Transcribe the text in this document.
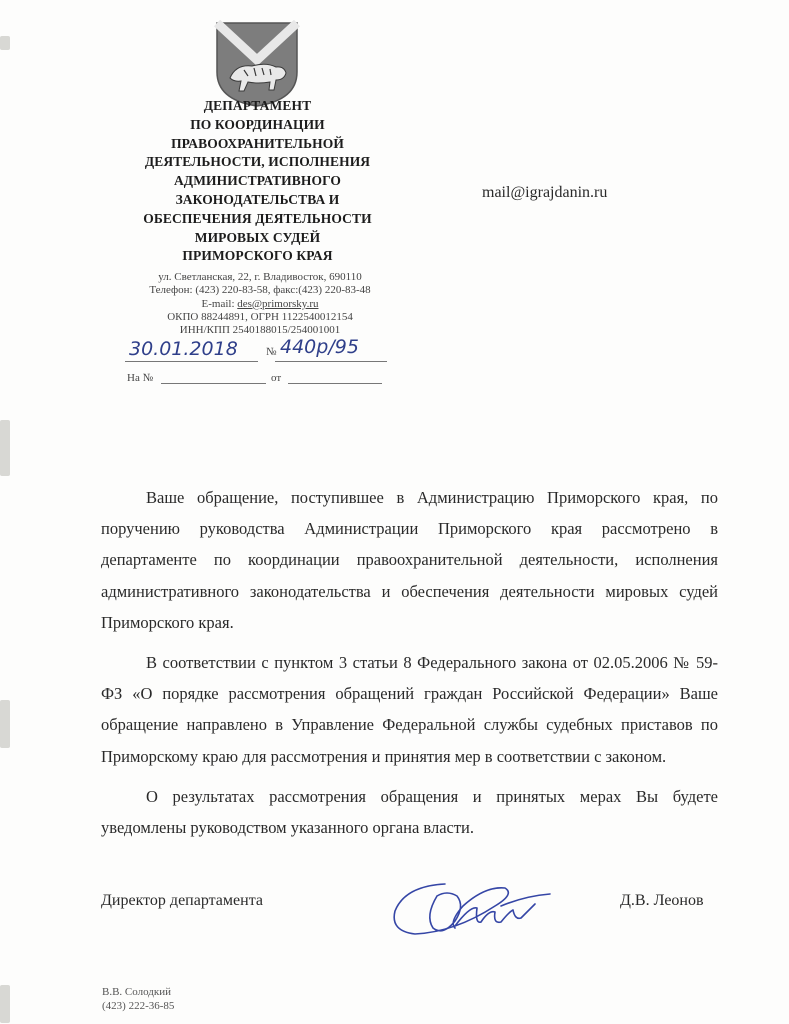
ДЕПАРТАМЕНТ
ПО КООРДИНАЦИИ
ПРАВООХРАНИТЕЛЬНОЙ
ДЕЯТЕЛЬНОСТИ, ИСПОЛНЕНИЯ
АДМИНИСТРАТИВНОГО
ЗАКОНОДАТЕЛЬСТВА И
ОБЕСПЕЧЕНИЯ ДЕЯТЕЛЬНОСТИ
МИРОВЫХ СУДЕЙ
ПРИМОРСКОГО КРАЯ
mail@igrajdanin.ru
ул. Светланская, 22, г. Владивосток, 690110
Телефон: (423) 220-83-58, факс:(423) 220-83-48
E-mail: des@primorsky.ru
ОКПО 88244891, ОГРН 1122540012154
ИНН/КПП 2540188015/254001001
30.01.2018	№ 440р/95
На №	от

Ваше обращение, поступившее в Администрацию Приморского края, по поручению руководства Администрации Приморского края рассмотрено в департаменте по координации правоохранительной деятельности, исполнения административного законодательства и обеспечения деятельности мировых судей Приморского края.

В соответствии с пунктом 3 статьи 8 Федерального закона от 02.05.2006 № 59-ФЗ «О порядке рассмотрения обращений граждан Российской Федерации» Ваше обращение направлено в Управление Федеральной службы судебных приставов по Приморскому краю для рассмотрения и принятия мер в соответствии с законом.

О результатах рассмотрения обращения и принятых мерах Вы будете уведомлены руководством указанного органа власти.

Директор департамента	Д.В. Леонов
В.В. Солодкий
(423) 222-36-85
